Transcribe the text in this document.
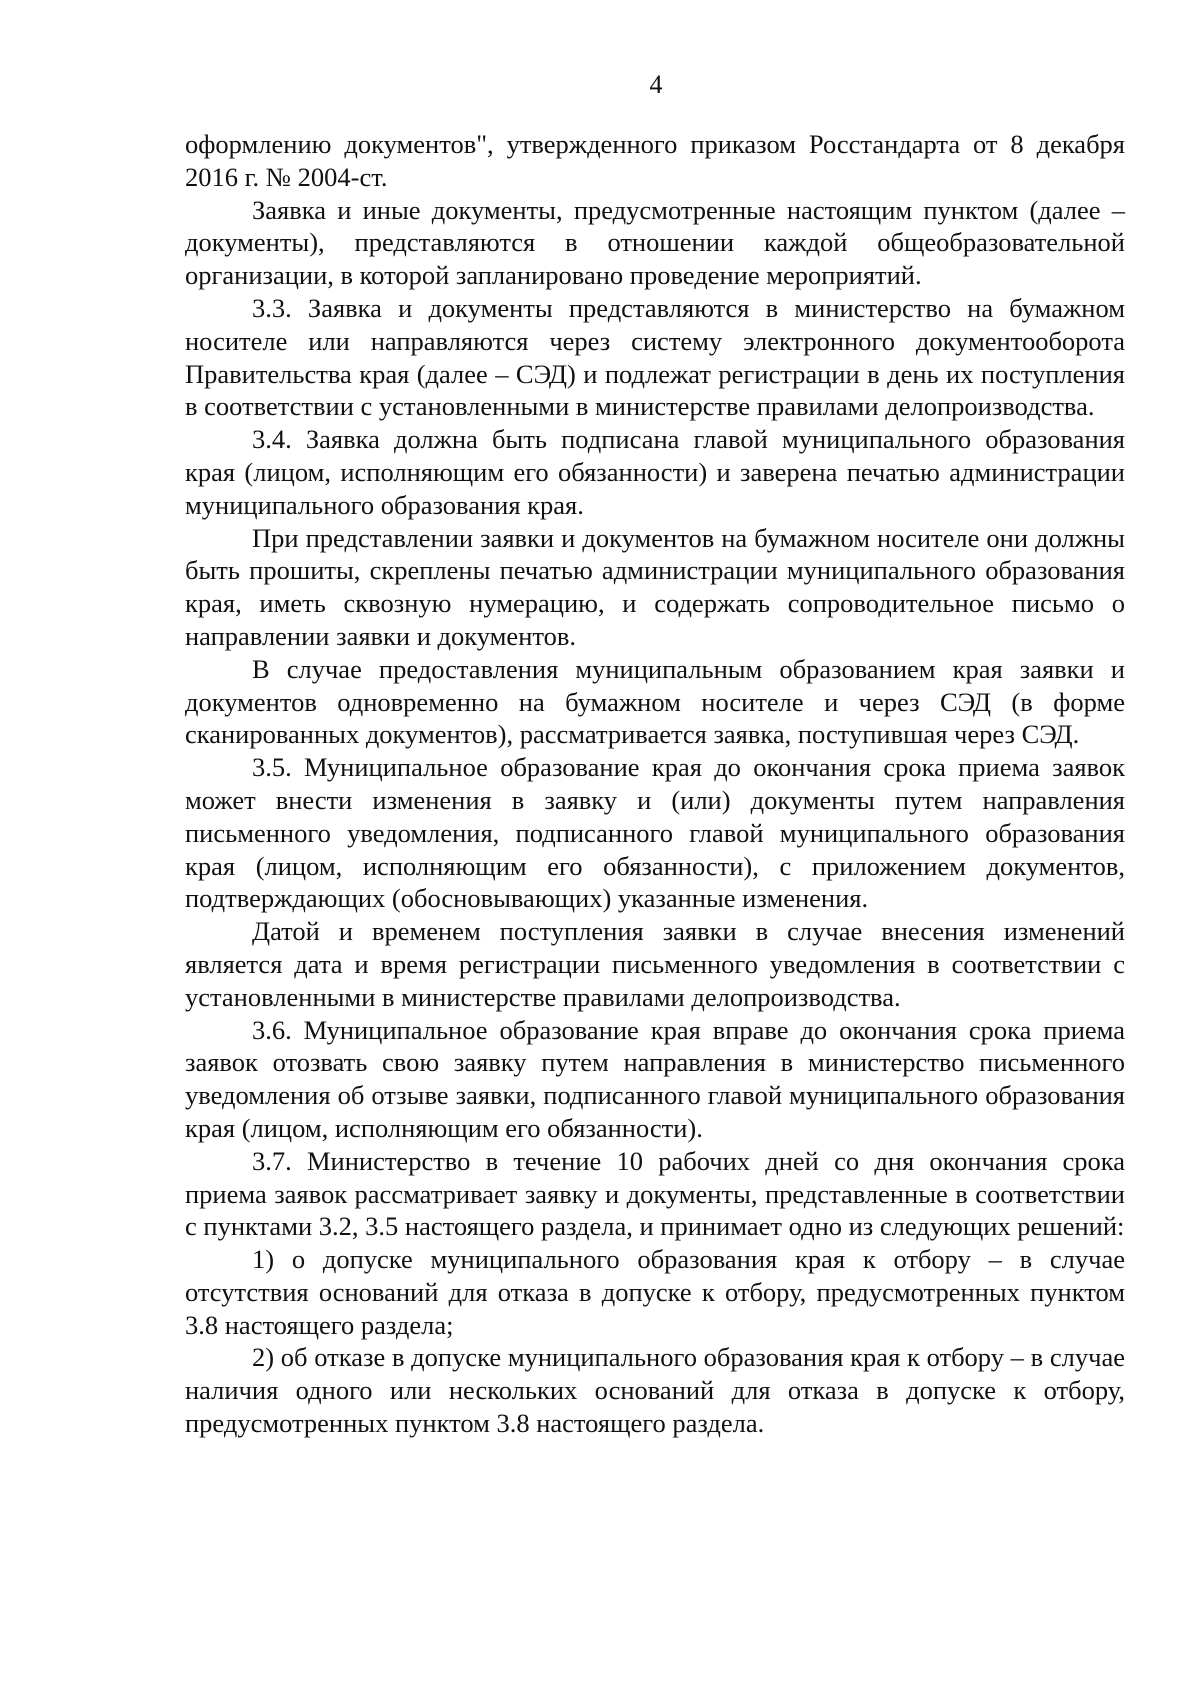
4

оформлению документов", утвержденного приказом Росстандарта от 8 декабря 2016 г. № 2004-ст.

Заявка и иные документы, предусмотренные настоящим пунктом (далее – документы), представляются в отношении каждой общеобразовательной организации, в которой запланировано проведение мероприятий.

3.3. Заявка и документы представляются в министерство на бумажном носителе или направляются через систему электронного документооборота Правительства края (далее – СЭД) и подлежат регистрации в день их поступления в соответствии с установленными в министерстве правилами делопроизводства.

3.4. Заявка должна быть подписана главой муниципального образования края (лицом, исполняющим его обязанности) и заверена печатью администрации муниципального образования края.

При представлении заявки и документов на бумажном носителе они должны быть прошиты, скреплены печатью администрации муниципального образования края, иметь сквозную нумерацию, и содержать сопроводительное письмо о направлении заявки и документов.

В случае предоставления муниципальным образованием края заявки и документов одновременно на бумажном носителе и через СЭД (в форме сканированных документов), рассматривается заявка, поступившая через СЭД.

3.5. Муниципальное образование края до окончания срока приема заявок может внести изменения в заявку и (или) документы путем направления письменного уведомления, подписанного главой муниципального образования края (лицом, исполняющим его обязанности), с приложением документов, подтверждающих (обосновывающих) указанные изменения.

Датой и временем поступления заявки в случае внесения изменений является дата и время регистрации письменного уведомления в соответствии с установленными в министерстве правилами делопроизводства.

3.6. Муниципальное образование края вправе до окончания срока приема заявок отозвать свою заявку путем направления в министерство письменного уведомления об отзыве заявки, подписанного главой муниципального образования края (лицом, исполняющим его обязанности).

3.7. Министерство в течение 10 рабочих дней со дня окончания срока приема заявок рассматривает заявку и документы, представленные в соответствии с пунктами 3.2, 3.5 настоящего раздела, и принимает одно из следующих решений:

1) о допуске муниципального образования края к отбору – в случае отсутствия оснований для отказа в допуске к отбору, предусмотренных пунктом 3.8 настоящего раздела;

2) об отказе в допуске муниципального образования края к отбору – в случае наличия одного или нескольких оснований для отказа в допуске к отбору, предусмотренных пунктом 3.8 настоящего раздела.
